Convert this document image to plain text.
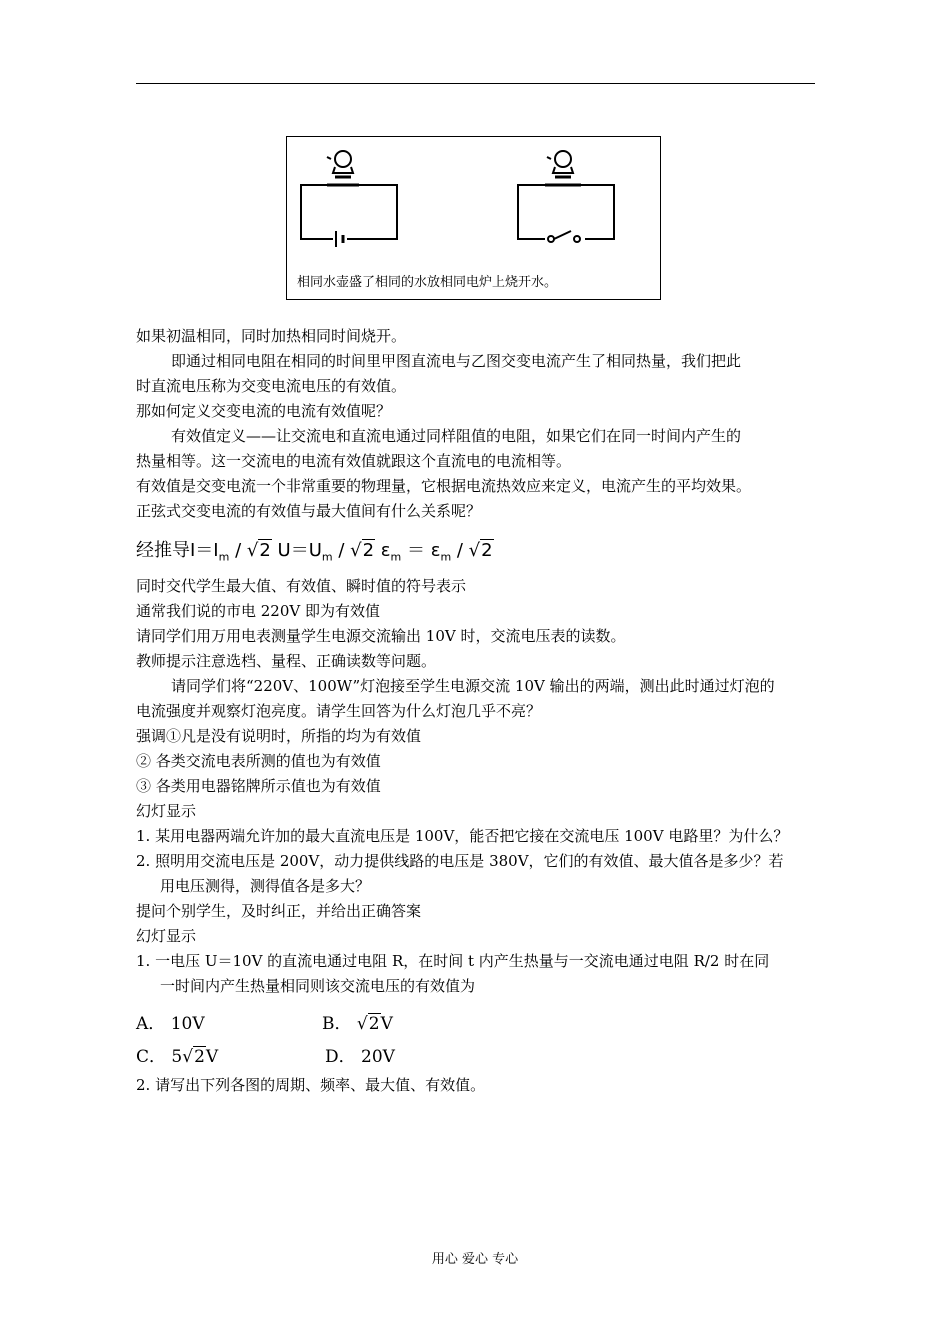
相同水壶盛了相同的水放相同电炉上烧开水。
如果初温相同，同时加热相同时间烧开。
即通过相同电阻在相同的时间里甲图直流电与乙图交变电流产生了相同热量，我们把此
时直流电压称为交变电流电压的有效值。
那如何定义交变电流的电流有效值呢？
有效值定义——让交流电和直流电通过同样阻值的电阻，如果它们在同一时间内产生的
热量相等。这一交流电的电流有效值就跟这个直流电的电流相等。
有效值是交变电流一个非常重要的物理量，它根据电流热效应来定义，电流产生的平均效果。
正弦式交变电流的有效值与最大值间有什么关系呢？
经推导$I=I_m / √2$ $U=U_m / √2$ $\varepsilon_m = \varepsilon_m / √2$
同时交代学生最大值、有效值、瞬时值的符号表示
通常我们说的市电 220V 即为有效值
请同学们用万用电表测量学生电源交流输出 10V 时，交流电压表的读数。
教师提示注意选档、量程、正确读数等问题。
请同学们将“220V、100W”灯泡接至学生电源交流 10V 输出的两端，测出此时通过灯泡的
电流强度并观察灯泡亮度。请学生回答为什么灯泡几乎不亮？
强调①凡是没有说明时，所指的均为有效值
② 各类交流电表所测的值也为有效值
③ 各类用电器铭牌所示值也为有效值
幻灯显示
1. 某用电器两端允许加的最大直流电压是 100V，能否把它接在交流电压 100V 电路里？为什么？
2. 照明用交流电压是 200V，动力提供线路的电压是 380V，它们的有效值、最大值各是多少？若
用电压测得，测得值各是多大？
提问个别学生，及时纠正，并给出正确答案
幻灯显示
1. 一电压 U＝10V 的直流电通过电阻 R，在时间 t 内产生热量与一交流电通过电阻 R/2 时在同
一时间内产生热量相同则该交流电压的有效值为
A． 10V	B． √2V
C． 5√2V	D． 20V
2. 请写出下列各图的周期、频率、最大值、有效值。
用心 爱心 专心
